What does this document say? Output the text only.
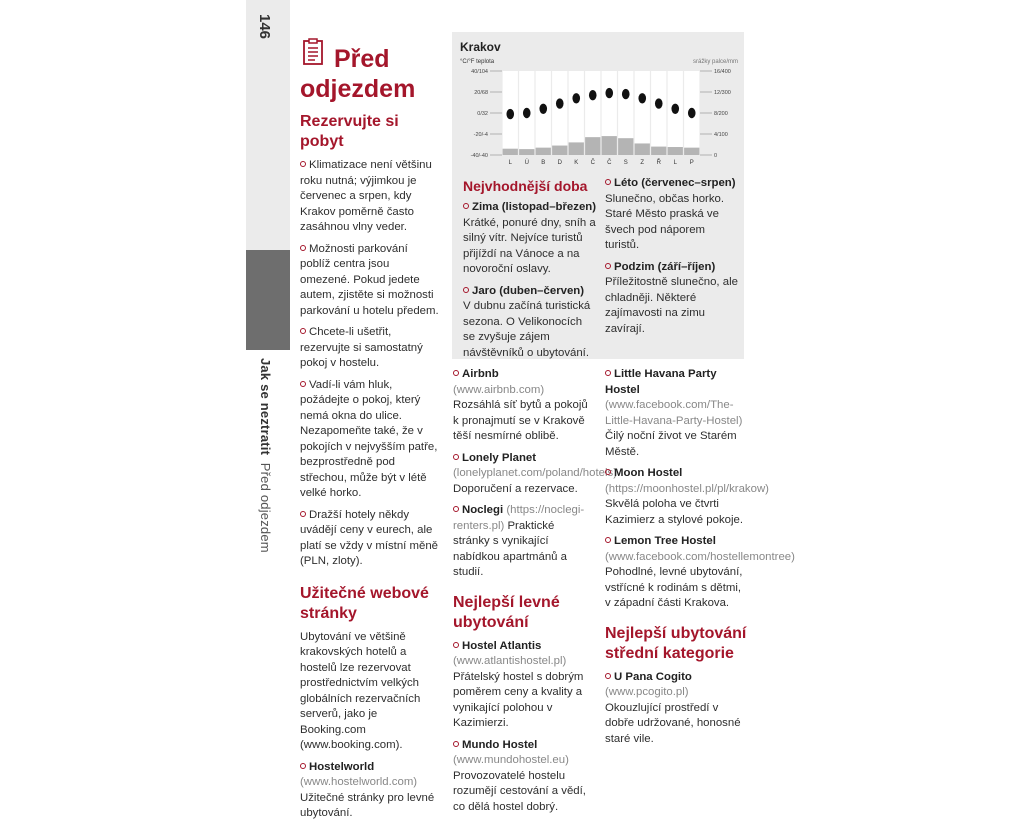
146
Jak se neztratit  Před odjezdem
Před
odjezdem
Rezervujte si pobyt
Klimatizace není většinu roku nutná; výjimkou je červenec a srpen, kdy Krakov poměrně často zasáhnou vlny veder.
Možnosti parkování poblíž centra jsou omezené. Pokud jedete autem, zjistěte si možnosti parkování u hotelu předem.
Chcete-li ušetřit, rezervujte si samostatný pokoj v hostelu.
Vadí-li vám hluk, požádejte o pokoj, který nemá okna do ulice. Nezapomeňte také, že v pokojích v nejvyšším patře, bezprostředně pod střechou, může být v létě velké horko.
Dražší hotely někdy uvádějí ceny v eurech, ale platí se vždy v místní měně (PLN, zloty).
Užitečné webové stránky
Ubytování ve většině krakovských hotelů a hostelů lze rezervovat prostřednictvím velkých globálních rezervačních serverů, jako je Booking.com (www.booking.com).
Hostelworld (www.hostelworld.com) Užitečné stránky pro levné ubytování.
Krakov
°C/°F teplota	srážky palce/mm
40/104	16/400
20/68	12/300
0/32	8/200
-20/-4	4/100
-40/-40	0
L Ú B D K Č Č S Z Ř L P
Nejvhodnější doba
Zima (listopad–březen) Krátké, ponuré dny, sníh a silný vítr. Nejvíce turistů přijíždí na Vánoce a na novoroční oslavy.
Jaro (duben–červen)
V dubnu začíná turistická sezona. O Velikonocích se zvyšuje zájem návštěvníků o ubytování.
Léto (červenec–srpen) Slunečno, občas horko. Staré Město praská ve švech pod náporem turistů.
Podzim (září–říjen)
Příležitostně slunečno, ale chladněji. Některé zajímavosti na zimu zavírají.
Airbnb (www.airbnb.com) Rozsáhlá síť bytů a pokojů k pronajmutí se v Krakově těší nesmírné oblibě.
Lonely Planet (lonelyplanet.com/poland/hotels) Doporučení a rezervace.
Noclegi (https://noclegi-renters.pl) Praktické stránky s vynikající nabídkou apartmánů a studií.
Nejlepší levné ubytování
Hostel Atlantis (www.atlantishostel.pl) Přátelský hostel s dobrým poměrem ceny a kvality a vynikající polohou v Kazimierzi.
Mundo Hostel (www.mundohostel.eu) Provozovatelé hostelu rozumějí cestování a vědí, co dělá hostel dobrý.
Little Havana Party Hostel (www.facebook.com/The-Little-Havana-Party-Hostel) Čilý noční život ve Starém Městě.
Moon Hostel (https://moonhostel.pl/pl/krakow) Skvělá poloha ve čtvrti Kazimierz a stylové pokoje.
Lemon Tree Hostel (www.facebook.com/hostellemontree) Pohodlné, levné ubytování, vstřícné k rodinám s dětmi, v západní části Krakova.
Nejlepší ubytování střední kategorie
U Pana Cogito (www.pcogito.pl) Okouzlující prostředí v dobře udržované, honosné staré vile.
